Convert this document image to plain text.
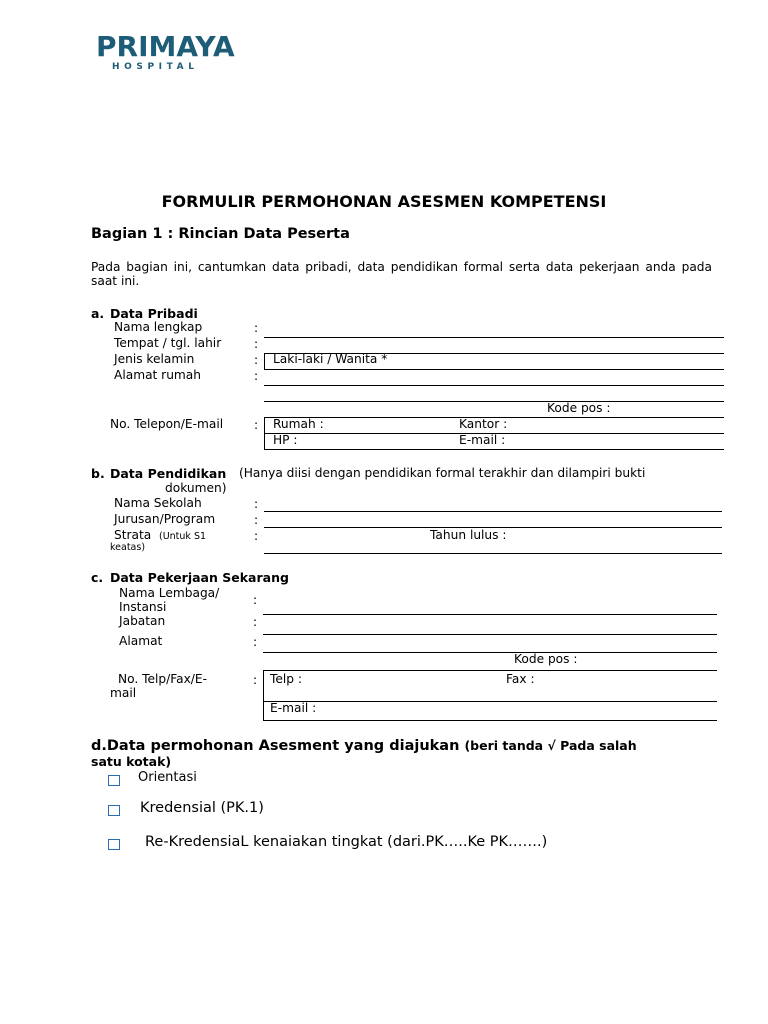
PRIMAYA
HOSPITAL
FORMULIR PERMOHONAN ASESMEN KOMPETENSI
Bagian 1 : Rincian Data Peserta
Pada bagian ini, cantumkan data pribadi, data pendidikan formal serta data pekerjaan anda pada saat ini.
a. Data Pribadi
Nama lengkap	:
Tempat / tgl. lahir	:
Jenis kelamin	: Laki-laki / Wanita *
Alamat rumah	:
Kode pos :
No. Telepon/E-mail	: Rumah :	Kantor :
HP :	E-mail :
b. Data Pendidikan (Hanya diisi dengan pendidikan formal terakhir dan dilampiri bukti
dokumen)
Nama Sekolah	:
Jurusan/Program	:
Strata (Untuk S1
keatas)
:	Tahun lulus :
c. Data Pekerjaan Sekarang
Nama Lembaga/
Instansi	:
Jabatan	:
Alamat	:
Kode pos :
No. Telp/Fax/E-
mail
: Telp :	Fax :
E-mail :
d.Data permohonan Asesment yang diajukan (beri tanda √ Pada salah
satu kotak)
Orientasi
Kredensial (PK.1)
Re-KredensiaL kenaiakan tingkat (dari.PK…..Ke PK…….)
